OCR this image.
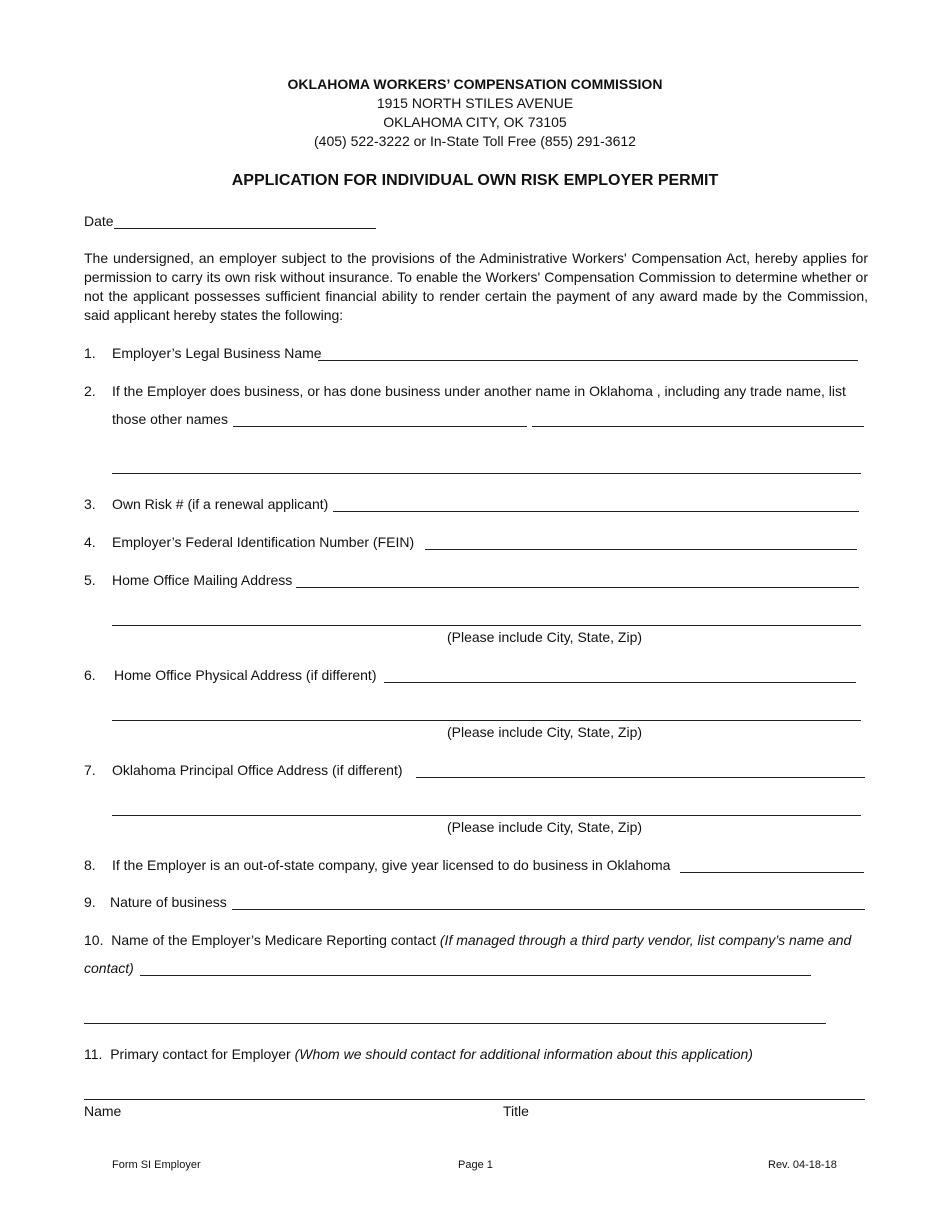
OKLAHOMA WORKERS’ COMPENSATION COMMISSION
1915 NORTH STILES AVENUE
OKLAHOMA CITY, OK 73105
(405) 522-3222 or In-State Toll Free (855) 291-3612
APPLICATION FOR INDIVIDUAL OWN RISK EMPLOYER PERMIT
Date
The undersigned, an employer subject to the provisions of the Administrative Workers' Compensation Act, hereby applies for permission to carry its own risk without insurance. To enable the Workers' Compensation Commission to determine whether or not the applicant possesses sufficient financial ability to render certain the payment of any award made by the Commission, said applicant hereby states the following:
1. Employer’s Legal Business Name
2. If the Employer does business, or has done business under another name in Oklahoma , including any trade name, list
those other names
3. Own Risk # (if a renewal applicant)
4. Employer’s Federal Identification Number (FEIN)
5. Home Office Mailing Address
(Please include City, State, Zip)
6. Home Office Physical Address (if different)
(Please include City, State, Zip)
7. Oklahoma Principal Office Address (if different)
(Please include City, State, Zip)
8. If the Employer is an out-of-state company, give year licensed to do business in Oklahoma
9. Nature of business
10. Name of the Employer’s Medicare Reporting contact (If managed through a third party vendor, list company’s name and
contact)
11. Primary contact for Employer (Whom we should contact for additional information about this application)
Name	Title
Form SI Employer	Page 1	Rev. 04-18-18
